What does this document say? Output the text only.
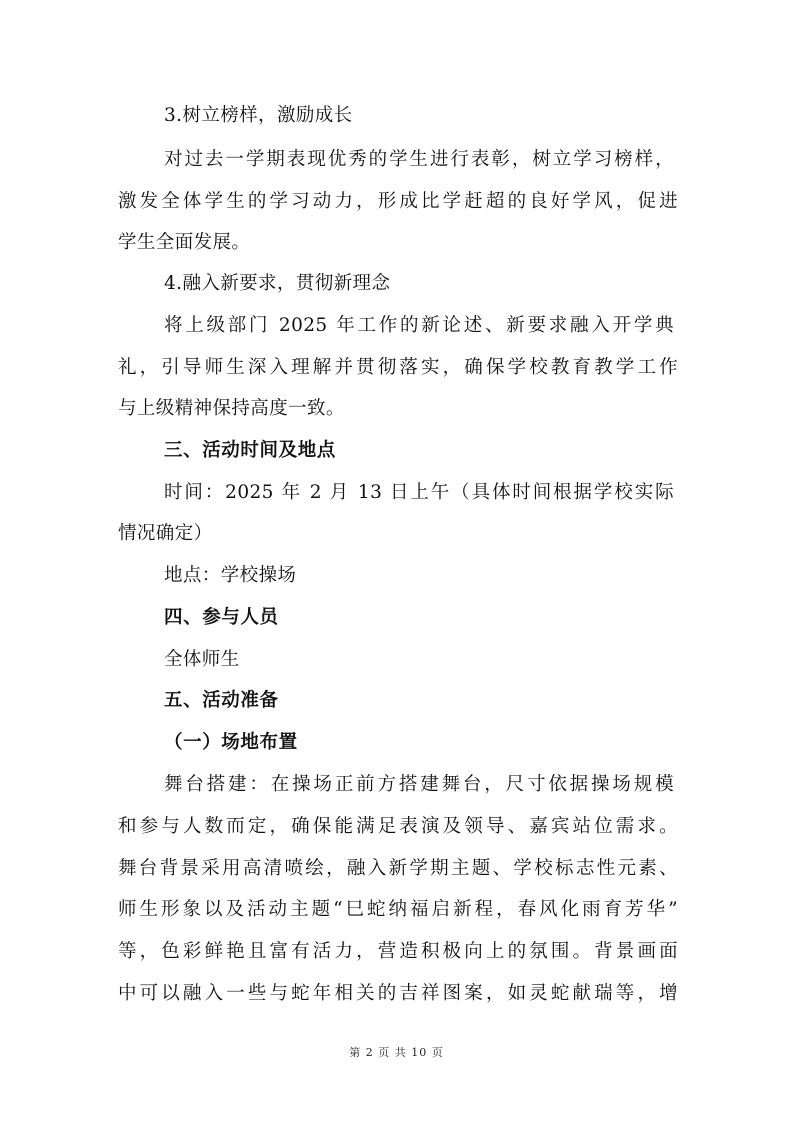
3.树立榜样，激励成长
对过去一学期表现优秀的学生进行表彰，树立学习榜样，
激发全体学生的学习动力，形成比学赶超的良好学风，促进
学生全面发展。
4.融入新要求，贯彻新理念
将上级部门 2025 年工作的新论述、新要求融入开学典
礼，引导师生深入理解并贯彻落实，确保学校教育教学工作
与上级精神保持高度一致。
三、活动时间及地点
时间：2025 年 2 月 13 日上午（具体时间根据学校实际
情况确定）
地点：学校操场
四、参与人员
全体师生
五、活动准备
（一）场地布置
舞台搭建：在操场正前方搭建舞台，尺寸依据操场规模
和参与人数而定，确保能满足表演及领导、嘉宾站位需求。
舞台背景采用高清喷绘，融入新学期主题、学校标志性元素、
师生形象以及活动主题“巳蛇纳福启新程，春风化雨育芳华”
等，色彩鲜艳且富有活力，营造积极向上的氛围。背景画面
中可以融入一些与蛇年相关的吉祥图案，如灵蛇献瑞等，增
第 2 页 共 10 页
